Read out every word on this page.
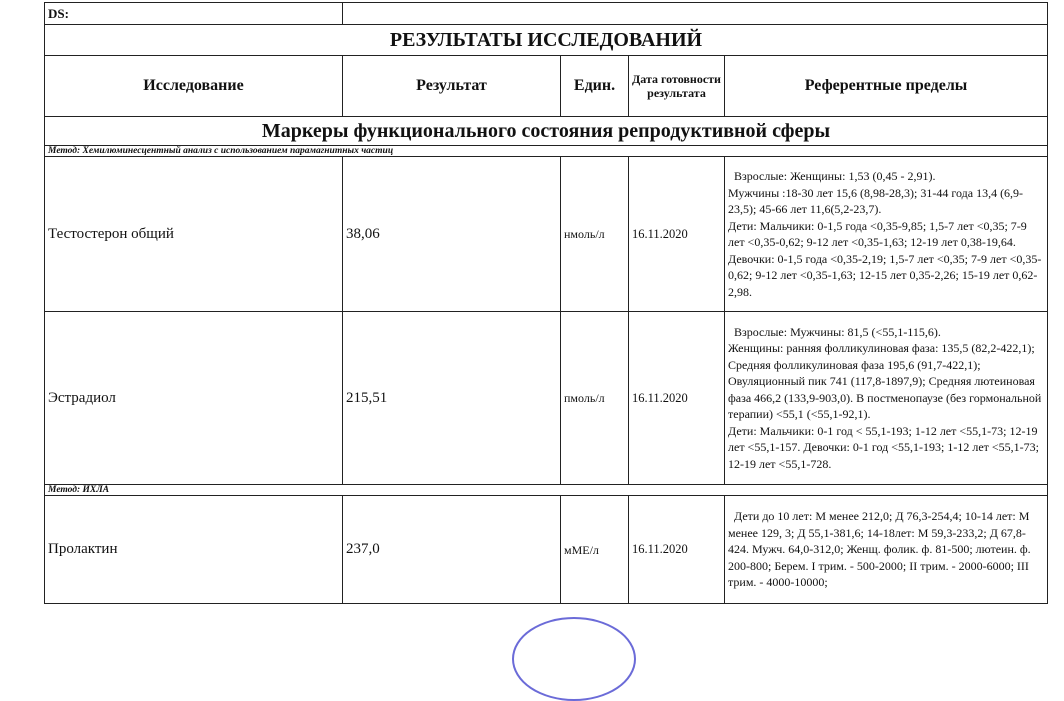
DS:				
РЕЗУЛЬТАТЫ ИССЛЕДОВАНИЙ				
Исследование	Результат	Един.	Дата готовности результата	Референтные пределы
Маркеры функционального состояния репродуктивной сферы				
Метод: Хемилюминесцентный анализ с использованием парамагнитных частиц				
Тестостерон общий	38,06	нмоль/л	16.11.2020	Взрослые: Женщины: 1,53 (0,45 - 2,91).
Мужчины :18-30 лет 15,6 (8,98-28,3); 31-44 года 13,4 (6,9-23,5); 45-66 лет 11,6(5,2-23,7).
Дети: Мальчики: 0-1,5 года <0,35-9,85; 1,5-7 лет <0,35; 7-9 лет <0,35-0,62; 9-12 лет <0,35-1,63; 12-19 лет 0,38-19,64.
Девочки: 0-1,5 года <0,35-2,19; 1,5-7 лет <0,35; 7-9 лет <0,35-0,62; 9-12 лет <0,35-1,63; 12-15 лет 0,35-2,26; 15-19 лет 0,62-2,98.
Эстрадиол	215,51	пмоль/л	16.11.2020	Взрослые: Мужчины: 81,5 (<55,1-115,6).
Женщины: ранняя фолликулиновая фаза: 135,5 (82,2-422,1); Средняя фолликулиновая фаза 195,6 (91,7-422,1); Овуляционный пик 741 (117,8-1897,9); Средняя лютеиновая фаза 466,2 (133,9-903,0). В постменопаузе (без гормональной терапии) <55,1 (<55,1-92,1).
Дети: Мальчики: 0-1 год < 55,1-193; 1-12 лет <55,1-73; 12-19 лет <55,1-157. Девочки: 0-1 год <55,1-193; 1-12 лет <55,1-73; 12-19 лет <55,1-728.
Метод: ИХЛА				
Пролактин	237,0	мМЕ/л	16.11.2020	Дети до 10 лет: М менее 212,0; Д 76,3-254,4; 10-14 лет: М менее 129, 3; Д 55,1-381,6; 14-18лет: М 59,3-233,2; Д 67,8-424. Мужч. 64,0-312,0; Женщ. фолик. ф. 81-500; лютеин. ф. 200-800; Берем. I трим. - 500-2000; II трим. - 2000-6000; III трим. - 4000-10000;
